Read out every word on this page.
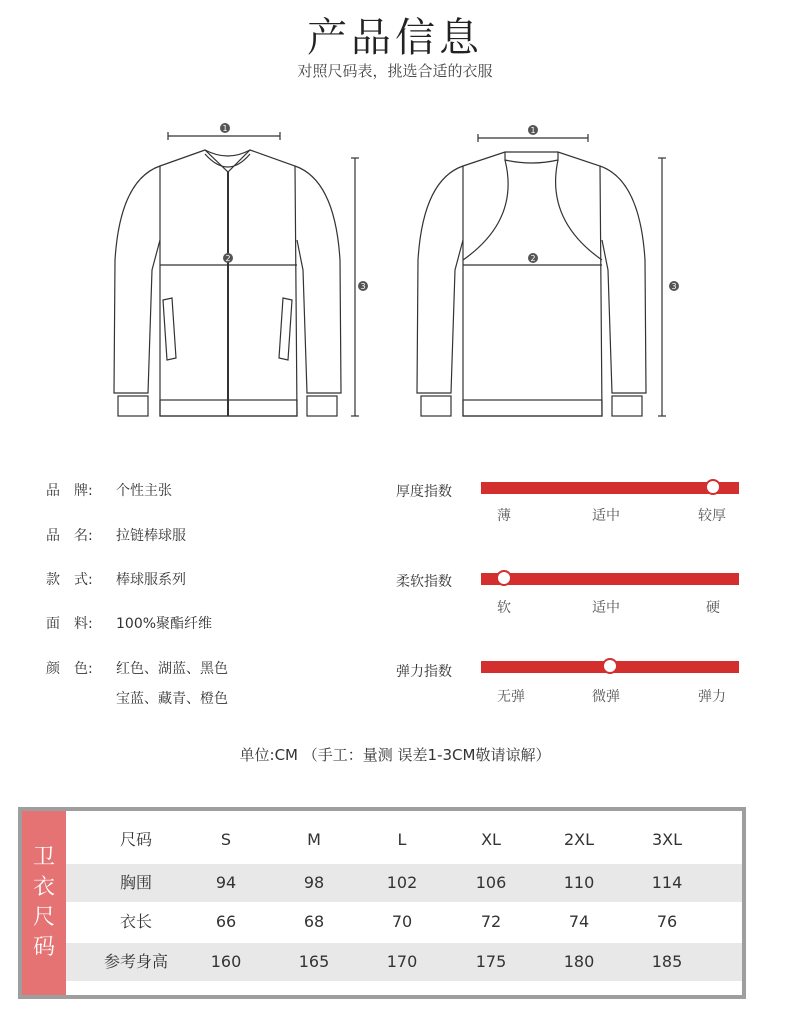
产品信息
对照尺码表，挑选合适的衣服
1
2
3
1
2
3
品　牌: 个性主张
品　名: 拉链棒球服
款　式: 棒球服系列
面　料: 100%聚酯纤维
颜　色: 红色、湖蓝、黑色
宝蓝、藏青、橙色
厚度指数
薄	适中	较厚
柔软指数
软	适中	硬
弹力指数
无弹	微弹	弹力
单位:CM （手工：量测 误差1-3CM敬请谅解）
卫
衣
尺
码
尺码	S	M	L	XL	2XL	3XL
胸围	94	98	102	106	110	114
衣长	66	68	70	72	74	76
参考身高	160	165	170	175	180	185
